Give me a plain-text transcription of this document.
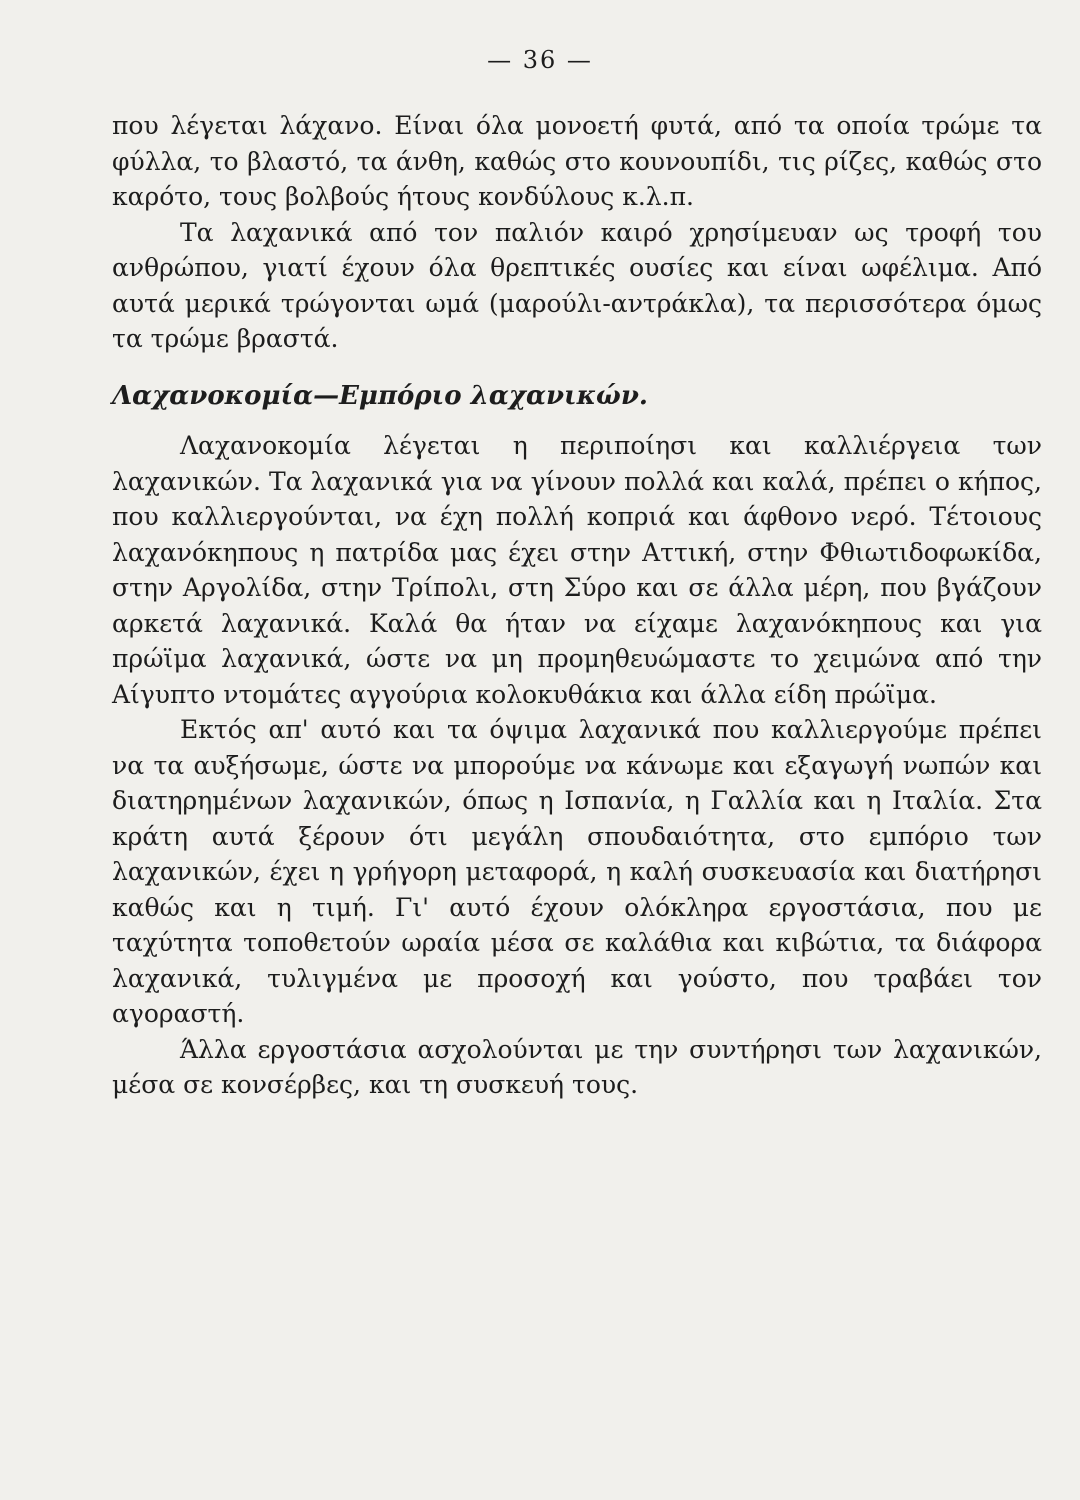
— 36 —

που λέγεται λάχανο. Είναι όλα μονοετή φυτά, από τα οποία τρώμε τα φύλλα, το βλαστό, τα άνθη, καθώς στο κουνουπίδι, τις ρίζες, καθώς στο καρότο, τους βολβούς ήτους κονδύλους κ.λ.π.

Τα λαχανικά από τον παλιόν καιρό χρησίμευαν ως τροφή του ανθρώπου, γιατί έχουν όλα θρεπτικές ουσίες και είναι ωφέλιμα. Από αυτά μερικά τρώγονται ωμά (μαρούλι-αντράκλα), τα περισσότερα όμως τα τρώμε βραστά.

Λαχανοκομία—Εμπόριο λαχανικών.

Λαχανοκομία λέγεται η περιποίησι και καλλιέργεια των λαχανικών. Τα λαχανικά για να γίνουν πολλά και καλά, πρέπει ο κήπος, που καλλιεργούνται, να έχη πολλή κοπριά και άφθονο νερό. Τέτοιους λαχανόκηπους η πατρίδα μας έχει στην Αττική, στην Φθιωτιδοφωκίδα, στην Αργολίδα, στην Τρίπολι, στη Σύρο και σε άλλα μέρη, που βγάζουν αρκετά λαχανικά. Καλά θα ήταν να είχαμε λαχανόκηπους και για πρώϊμα λαχανικά, ώστε να μη προμηθευώμαστε το χειμώνα από την Αίγυπτο ντομάτες αγγούρια κολοκυθάκια και άλλα είδη πρώϊμα.

Εκτός απ' αυτό και τα όψιμα λαχανικά που καλλιεργούμε πρέπει να τα αυξήσωμε, ώστε να μπορούμε να κάνωμε και εξαγωγή νωπών και διατηρημένων λαχανικών, όπως η Ισπανία, η Γαλλία και η Ιταλία. Στα κράτη αυτά ξέρουν ότι μεγάλη σπουδαιότητα, στο εμπόριο των λαχανικών, έχει η γρήγορη μεταφορά, η καλή συσκευασία και διατήρησι καθώς και η τιμή. Γι' αυτό έχουν ολόκληρα εργοστάσια, που με ταχύτητα τοποθετούν ωραία μέσα σε καλάθια και κιβώτια, τα διάφορα λαχανικά, τυλιγμένα με προσοχή και γούστο, που τραβάει τον αγοραστή.

Άλλα εργοστάσια ασχολούνται με την συντήρησι των λαχανικών, μέσα σε κονσέρβες, και τη συσκευή τους.
